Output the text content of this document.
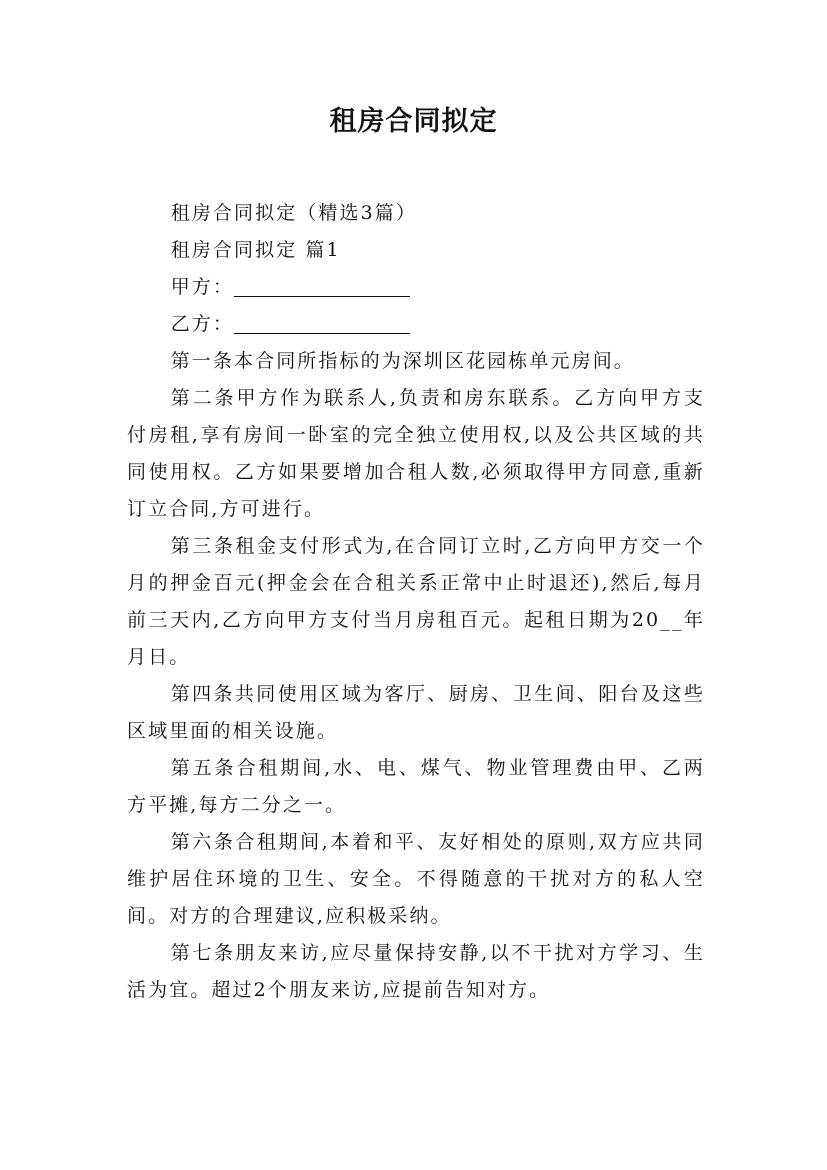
租房合同拟定

租房合同拟定（精选3篇）

租房合同拟定 篇1

甲方：

乙方：

第一条本合同所指标的为深圳区花园栋单元房间。

第二条甲方作为联系人,负责和房东联系。乙方向甲方支付房租,享有房间一卧室的完全独立使用权,以及公共区域的共同使用权。乙方如果要增加合租人数,必须取得甲方同意,重新订立合同,方可进行。

第三条租金支付形式为,在合同订立时,乙方向甲方交一个月的押金百元(押金会在合租关系正常中止时退还),然后,每月前三天内,乙方向甲方支付当月房租百元。起租日期为20__年月日。

第四条共同使用区域为客厅、厨房、卫生间、阳台及这些区域里面的相关设施。

第五条合租期间,水、电、煤气、物业管理费由甲、乙两方平摊,每方二分之一。

第六条合租期间,本着和平、友好相处的原则,双方应共同维护居住环境的卫生、安全。不得随意的干扰对方的私人空间。对方的合理建议,应积极采纳。

第七条朋友来访,应尽量保持安静,以不干扰对方学习、生活为宜。超过2个朋友来访,应提前告知对方。
